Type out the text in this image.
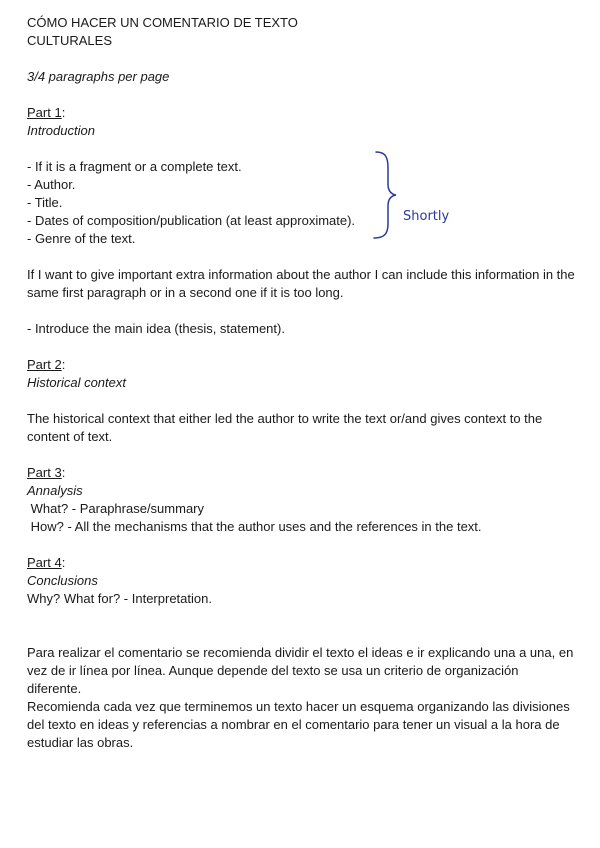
CÓMO HACER UN COMENTARIO DE TEXTO

CULTURALES

3/4 paragraphs per page

Part 1:

Introduction

- If it is a fragment or a complete text.

- Author.

- Title.

- Dates of composition/publication (at least approximate).

- Genre of the text.

If I want to give important extra information about the author I can include this information in the same first paragraph or in a second one if it is too long.

- Introduce the main idea (thesis, statement).

Part 2:

Historical context

The historical context that either led the author to write the text or/and gives context to the content of text.

Part 3:

Annalysis

What? - Paraphrase/summary

How? - All the mechanisms that the author uses and the references in the text.

Part 4:

Conclusions

Why? What for? - Interpretation.

Para realizar el comentario se recomienda dividir el texto el ideas e ir explicando una a una, en vez de ir línea por línea. Aunque depende del texto se usa un criterio de organización diferente.

Recomienda cada vez que terminemos un texto hacer un esquema organizando las divisiones del texto en ideas y referencias a nombrar en el comentario para tener un visual a la hora de estudiar las obras.

Shortly
